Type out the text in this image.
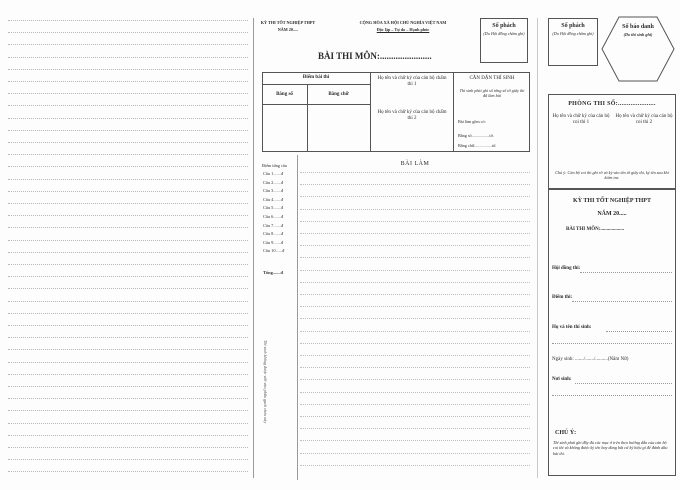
KỲ THI TỐT NGHIỆP THPT
NĂM 20.....
CỘNG HÒA XÃ HỘI CHỦ NGHĨA VIỆT NAM
Độc lập – Tự do – Hạnh phúc
Số phách
(Do Hội đồng chấm ghi)
BÀI THI MÔN:.......................
Điểm bài thi
Bằng số	Bằng chữ
Họ tên và chữ ký của cán bộ chấm thi 1
Họ tên và chữ ký của cán bộ chấm thi 2
CĂN DẶN THÍ SINH
Thí sinh phải ghi số tờng số tờ giấy thi đã làm bài
Bài làm gồm có:
Bằng số.................tờ.
Bằng chữ.................tờ.
BÀI LÀM
Điểm từng câu
Câu 1.......đ
Câu 2.......đ
Câu 3.......đ
Câu 4.......đ
Câu 5.......đ
Câu 6.......đ
Câu 7.......đ
Câu 8.......đ
Câu 9.......đ
Câu 10......đ
Tổng.......đ
Thí sinh không được viết vào phần gạch chéo này
Số phách
(Do Hội đồng chấm ghi)
Số báo danh
(Do thí sinh ghi)
PHÒNG THI SỐ:.....................
Họ tên và chữ ký của cán bộ coi thi 1
Họ tên và chữ ký của cán bộ coi thi 2
Chú ý: Cán bộ coi thi ghi rõ và ký vào tên tờ giấy thi, ký tên sau khi kiểm tra.
KỲ THI TỐT NGHIỆP THPT
NĂM 20.....
BÀI THI MÔN:...................
Hội đồng thi:
Điểm thi:
Họ và tên thí sinh:
Ngày sinh: ......./......./..........(Năm Nữ)
Nơi sinh:
CHÚ Ý:
Thí sinh phải ghi đầy đủ các mục ở trên theo hướng dẫn của cán bộ coi thi và không được ký tên hay dùng bất cứ ký hiệu gì để đánh dấu bài thi.
